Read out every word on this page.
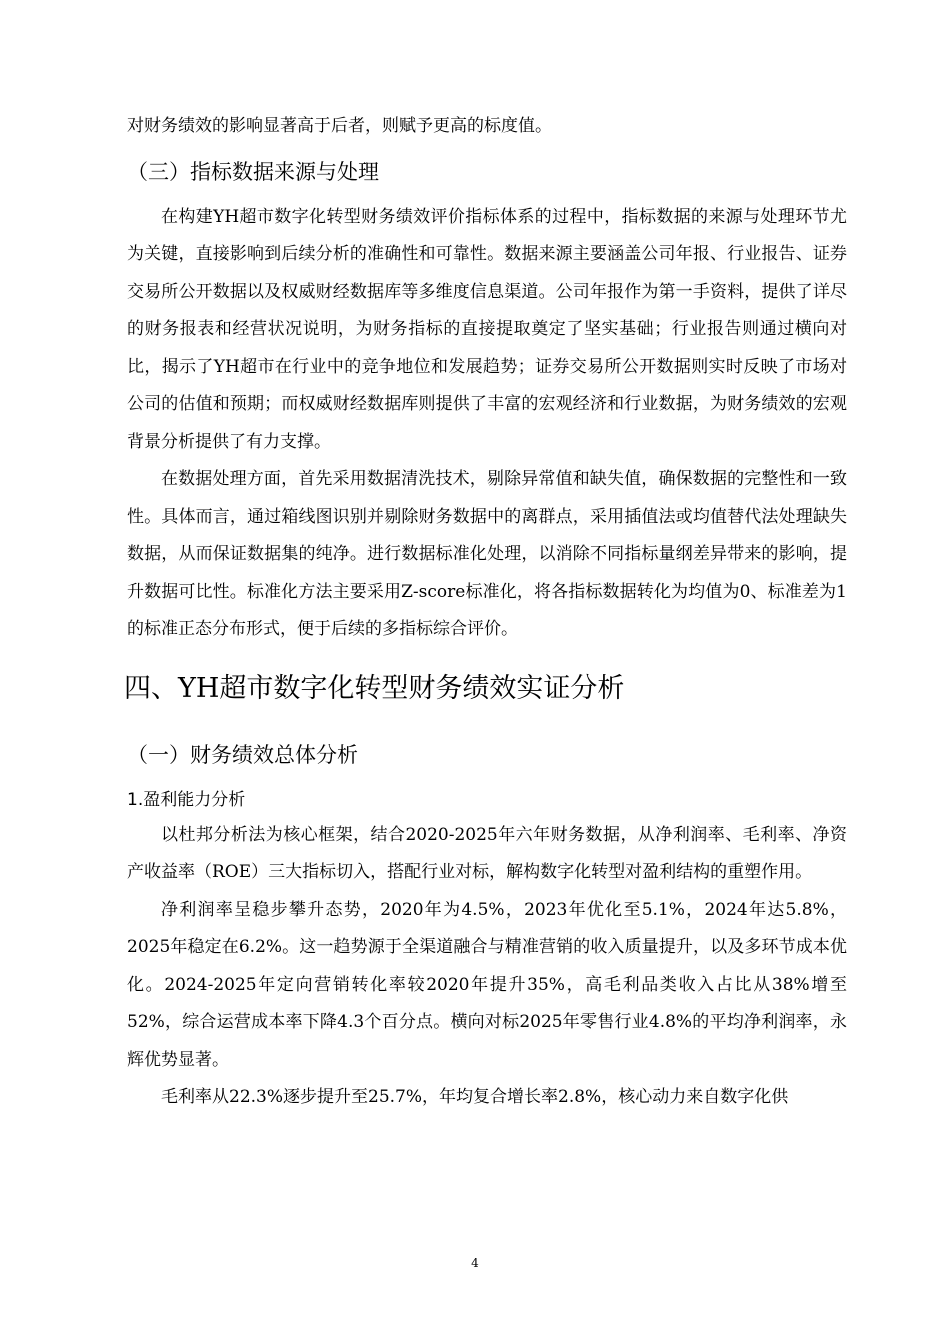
对财务绩效的影响显著高于后者，则赋予更高的标度值。

（三）指标数据来源与处理

在构建YH超市数字化转型财务绩效评价指标体系的过程中，指标数据的来源与处理环节尤为关键，直接影响到后续分析的准确性和可靠性。数据来源主要涵盖公司年报、行业报告、证券交易所公开数据以及权威财经数据库等多维度信息渠道。公司年报作为第一手资料，提供了详尽的财务报表和经营状况说明，为财务指标的直接提取奠定了坚实基础；行业报告则通过横向对比，揭示了YH超市在行业中的竞争地位和发展趋势；证券交易所公开数据则实时反映了市场对公司的估值和预期；而权威财经数据库则提供了丰富的宏观经济和行业数据，为财务绩效的宏观背景分析提供了有力支撑。

在数据处理方面，首先采用数据清洗技术，剔除异常值和缺失值，确保数据的完整性和一致性。具体而言，通过箱线图识别并剔除财务数据中的离群点，采用插值法或均值替代法处理缺失数据，从而保证数据集的纯净。进行数据标准化处理，以消除不同指标量纲差异带来的影响，提升数据可比性。标准化方法主要采用Z-score标准化，将各指标数据转化为均值为0、标准差为1的标准正态分布形式，便于后续的多指标综合评价。

四、YH超市数字化转型财务绩效实证分析
（一）财务绩效总体分析
1.盈利能力分析

以杜邦分析法为核心框架，结合2020-2025年六年财务数据，从净利润率、毛利率、净资产收益率（ROE）三大指标切入，搭配行业对标，解构数字化转型对盈利结构的重塑作用。

净利润率呈稳步攀升态势，2020年为4.5%，2023年优化至5.1%，2024年达5.8%，2025年稳定在6.2%。这一趋势源于全渠道融合与精准营销的收入质量提升，以及多环节成本优化。2024-2025年定向营销转化率较2020年提升35%，高毛利品类收入占比从38%增至52%，综合运营成本率下降4.3个百分点。横向对标2025年零售行业4.8%的平均净利润率，永辉优势显著。

毛利率从22.3%逐步提升至25.7%，年均复合增长率2.8%，核心动力来自数字化供

4
